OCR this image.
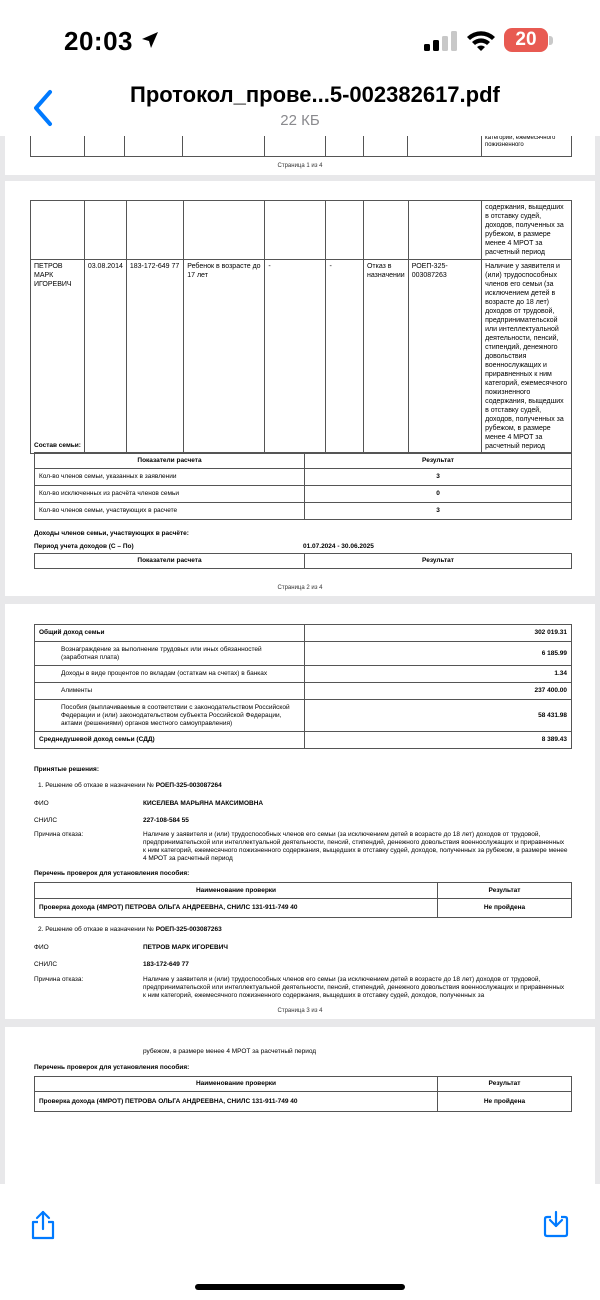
20:03	20
Протокол_прове...5-002382617.pdf
22 КБ
								категории, ежемесячного
пожизненного
Страница 1 из 4
								содержания, выщедших в отставку судей, доходов, полученных за рубежом, в размере менее 4 МРОТ за расчетный период
ПЕТРОВ МАРК ИГОРЕВИЧ	03.08.2014	183-172-649 77	Ребенок в возрасте до 17 лет	-	-	Отказ в назначении	РОЕП-325-003087263	Наличие у заявителя и (или) трудоспособных членов его семьи (за исключением детей в возрасте до 18 лет) доходов от трудовой, предпринимательской или интеллектуальной деятельности, пенсий, стипендий, денежного довольствия военнослужащих и приравненных к ним категорий, ежемесячного пожизненного содержания, выщедших в отставку судей, доходов, полученных за рубежом, в размере менее 4 МРОТ за расчетный период
Состав семьи:
Показатели расчета	Результат
Кол-во членов семьи, указанных в заявлении	3
Кол-во исключенных из расчёта членов семьи	0
Кол-во членов семьи, участвующих в расчете	3
Доходы членов семьи, участвующих в расчёте:
Период учета доходов (С – По)	01.07.2024 - 30.06.2025
Показатели расчета	Результат
Страница 2 из 4
Общий доход семьи	302 019.31
Вознаграждение за выполнение трудовых или иных обязанностей (заработная плата)	6 185.99
Доходы в виде процентов по вкладам (остаткам на счетах) в банках	1.34
Алименты	237 400.00
Пособия (выплачиваемые в соответствии с законодательством Российской Федерации и (или) законодательством субъекта Российской Федерации, актами (решениями) органов местного самоуправления)	58 431.98
Среднедушевой доход семьи (СДД)	8 389.43
Принятые решения:
1. Решение об отказе в назначении № РОЕП-325-003087264
ФИО	КИСЕЛЕВА МАРЬЯНА МАКСИМОВНА
СНИЛС	227-108-584 55
Причина отказа:	Наличие у заявителя и (или) трудоспособных членов его семьи (за исключением детей в возрасте до 18 лет) доходов от трудовой, предпринимательской или интеллектуальной деятельности, пенсий, стипендий, денежного довольствия военнослужащих и приравненных к ним категорий, ежемесячного пожизненного содержания, выщедших в отставку судей, доходов, полученных за рубежом, в размере менее 4 МРОТ за расчетный период
Перечень проверок для установления пособия:
Наименование проверки	Результат
Проверка дохода (4МРОТ) ПЕТРОВА ОЛЬГА АНДРЕЕВНА, СНИЛС 131-911-749 40	Не пройдена
2. Решение об отказе в назначении № РОЕП-325-003087263
ФИО	ПЕТРОВ МАРК ИГОРЕВИЧ
СНИЛС	183-172-649 77
Причина отказа:	Наличие у заявителя и (или) трудоспособных членов его семьи (за исключением детей в возрасте до 18 лет) доходов от трудовой, предпринимательской или интеллектуальной деятельности, пенсий, стипендий, денежного довольствия военнослужащих и приравненных к ним категорий, ежемесячного пожизненного содержания, выщедших в отставку судей, доходов, полученных за
Страница 3 из 4
рубежом, в размере менее 4 МРОТ за расчетный период
Перечень проверок для установления пособия:
Наименование проверки	Результат
Проверка дохода (4МРОТ) ПЕТРОВА ОЛЬГА АНДРЕЕВНА, СНИЛС 131-911-749 40	Не пройдена
